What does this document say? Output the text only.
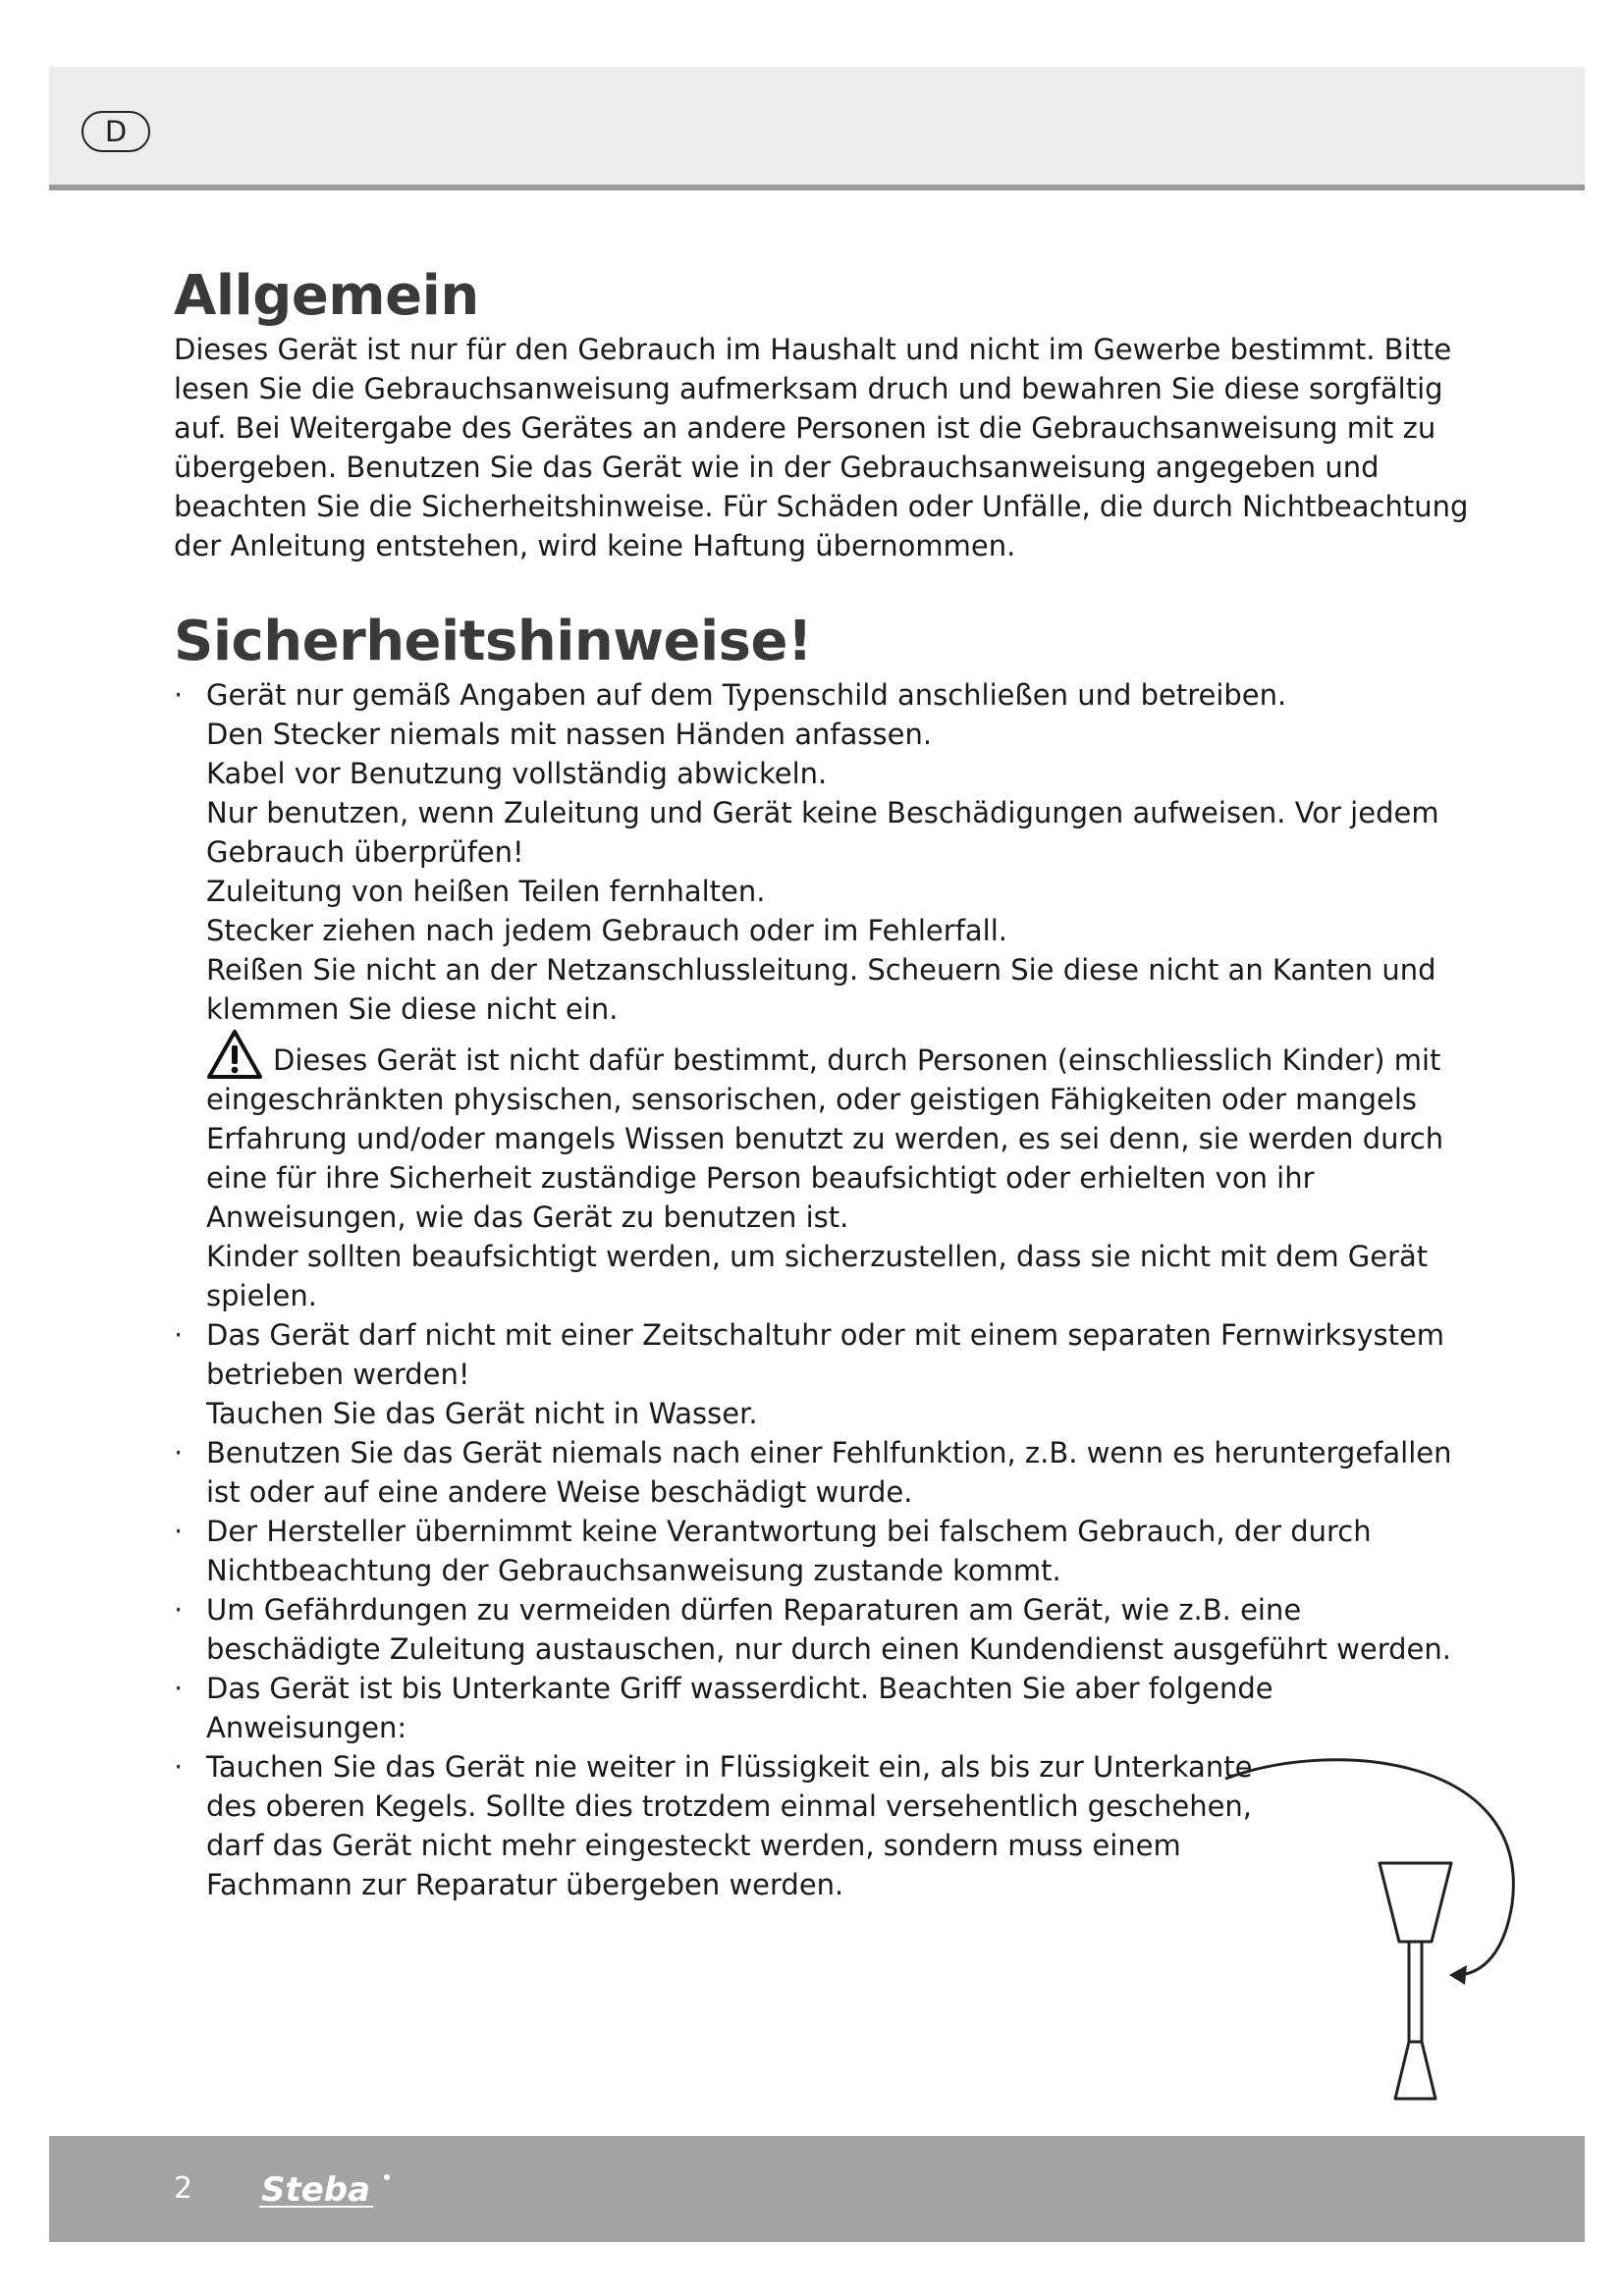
D
Allgemein

Dieses Gerät ist nur für den Gebrauch im Haushalt und nicht im Gewerbe bestimmt. Bitte lesen Sie die Gebrauchsanweisung aufmerksam druch und bewahren Sie diese sorgfältig auf. Bei Weitergabe des Gerätes an andere Personen ist die Gebrauchsanweisung mit zu übergeben. Benutzen Sie das Gerät wie in der Gebrauchsanweisung angegeben und beachten Sie die Sicherheitshinweise. Für Schäden oder Unfälle, die durch Nichtbeachtung der Anleitung entstehen, wird keine Haftung übernommen.

Sicherheitshinweise!
· Gerät nur gemäß Angaben auf dem Typenschild anschließen und betreiben.
Den Stecker niemals mit nassen Händen anfassen.
Kabel vor Benutzung vollständig abwickeln.
Nur benutzen, wenn Zuleitung und Gerät keine Beschädigungen aufweisen. Vor jedem Gebrauch überprüfen!
Zuleitung von heißen Teilen fernhalten.
Stecker ziehen nach jedem Gebrauch oder im Fehlerfall.
Reißen Sie nicht an der Netzanschlussleitung. Scheuern Sie diese nicht an Kanten und klemmen Sie diese nicht ein.
Dieses Gerät ist nicht dafür bestimmt, durch Personen (einschliesslich Kinder) mit eingeschränkten physischen, sensorischen, oder geistigen Fähigkeiten oder mangels Erfahrung und/oder mangels Wissen benutzt zu werden, es sei denn, sie werden durch eine für ihre Sicherheit zuständige Person beaufsichtigt oder erhielten von ihr Anweisungen, wie das Gerät zu benutzen ist.
Kinder sollten beaufsichtigt werden, um sicherzustellen, dass sie nicht mit dem Gerät spielen.
· Das Gerät darf nicht mit einer Zeitschaltuhr oder mit einem separaten Fernwirksystem betrieben werden!
Tauchen Sie das Gerät nicht in Wasser.
· Benutzen Sie das Gerät niemals nach einer Fehlfunktion, z.B. wenn es heruntergefallen ist oder auf eine andere Weise beschädigt wurde.
· Der Hersteller übernimmt keine Verantwortung bei falschem Gebrauch, der durch Nichtbeachtung der Gebrauchsanweisung zustande kommt.
· Um Gefährdungen zu vermeiden dürfen Reparaturen am Gerät, wie z.B. eine beschädigte Zuleitung austauschen, nur durch einen Kundendienst ausgeführt werden.
· Das Gerät ist bis Unterkante Griff wasserdicht. Beachten Sie aber folgende Anweisungen:
· Tauchen Sie das Gerät nie weiter in Flüssigkeit ein, als bis zur Unterkante des oberen Kegels. Sollte dies trotzdem einmal versehentlich geschehen, darf das Gerät nicht mehr eingesteckt werden, sondern muss einem Fachmann zur Reparatur übergeben werden.
2 Steba
